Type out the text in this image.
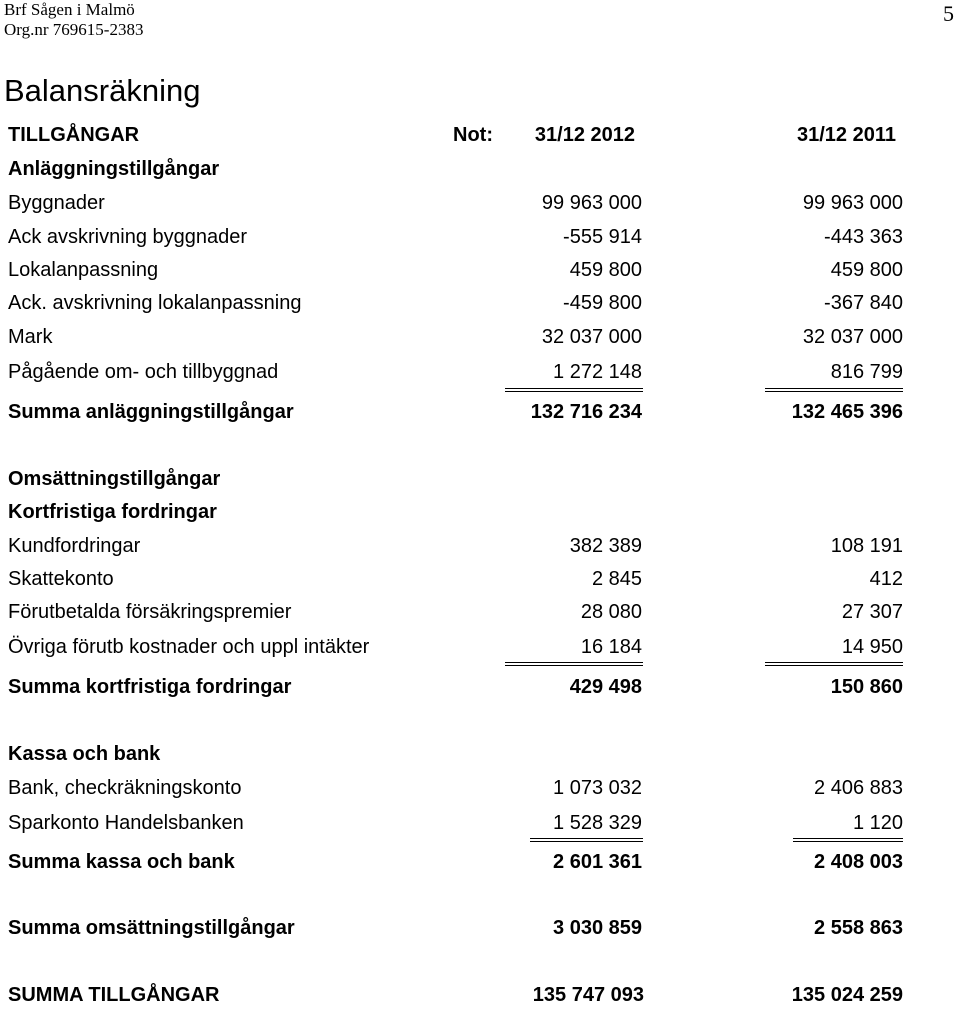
Brf Sågen i Malmö
Org.nr 769615-2383
5
Balansräkning
TILLGÅNGAR	Not: 31/12 2012	31/12 2011
Anläggningstillgångar
Byggnader	99 963 000	99 963 000
Ack avskrivning byggnader	-555 914	-443 363
Lokalanpassning	459 800	459 800
Ack. avskrivning lokalanpassning	-459 800	-367 840
Mark	32 037 000	32 037 000
Pågående om- och tillbyggnad	1 272 148	816 799
Summa anläggningstillgångar	132 716 234	132 465 396
Omsättningstillgångar
Kortfristiga fordringar
Kundfordringar	382 389	108 191
Skattekonto	2 845	412
Förutbetalda försäkringspremier	28 080	27 307
Övriga förutb kostnader och uppl intäkter	16 184	14 950
Summa kortfristiga fordringar	429 498	150 860
Kassa och bank
Bank, checkräkningskonto	1 073 032	2 406 883
Sparkonto Handelsbanken	1 528 329	1 120
Summa kassa och bank	2 601 361	2 408 003
Summa omsättningstillgångar	3 030 859	2 558 863
SUMMA TILLGÅNGAR	135 747 093	135 024 259
